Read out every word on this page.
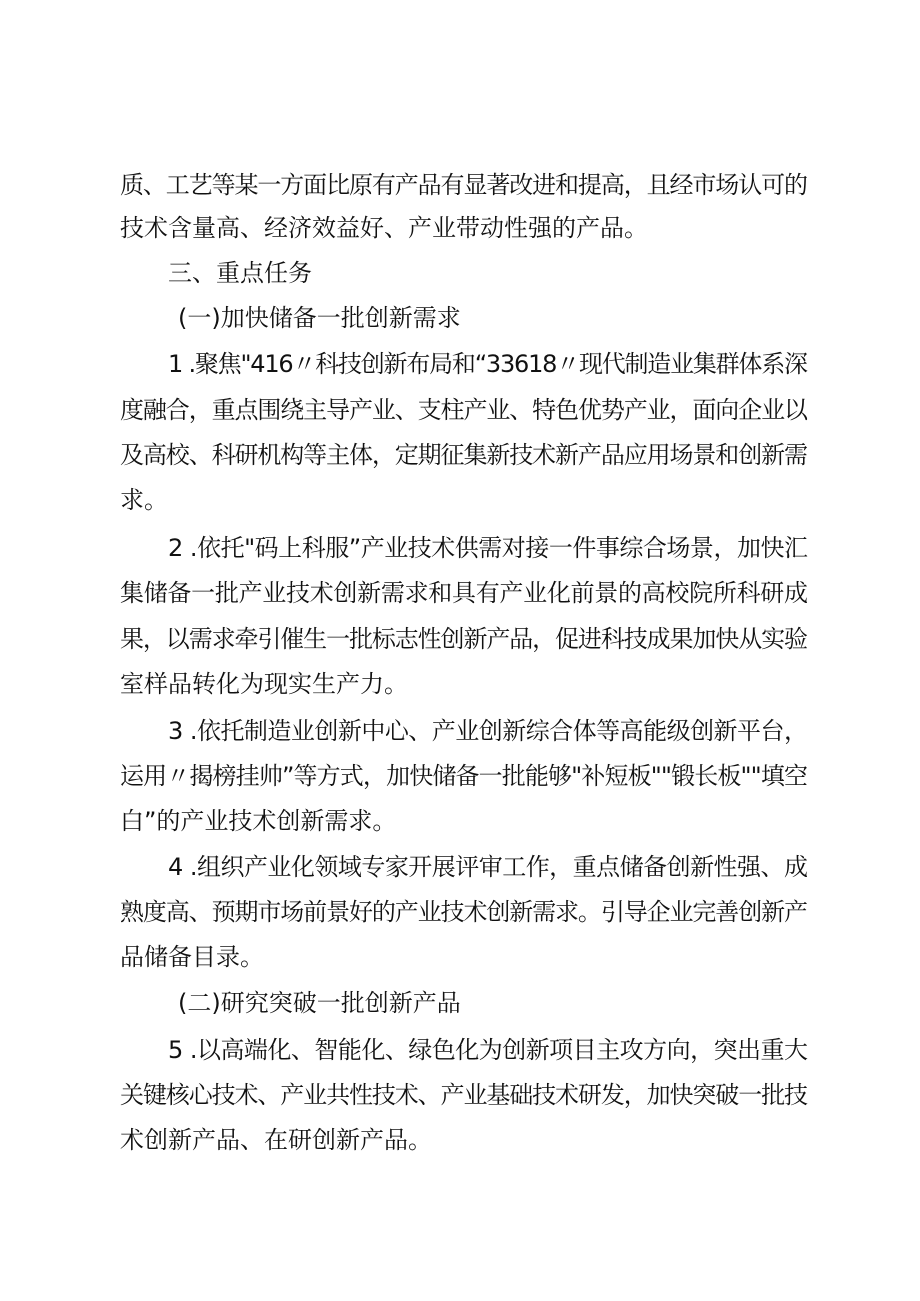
质、工艺等某一方面比原有产品有显著改进和提高，且经市场认可的
技术含量高、经济效益好、产业带动性强的产品。
三、重点任务
(一)加快储备一批创新需求
1 .聚焦"416〃科技创新布局和“33618〃现代制造业集群体系深
度融合，重点围绕主导产业、支柱产业、特色优势产业，面向企业以
及高校、科研机构等主体，定期征集新技术新产品应用场景和创新需
求。
2 .依托"码上科服”产业技术供需对接一件事综合场景，加快汇
集储备一批产业技术创新需求和具有产业化前景的高校院所科研成
果，以需求牵引催生一批标志性创新产品，促进科技成果加快从实验
室样品转化为现实生产力。
3 .依托制造业创新中心、产业创新综合体等高能级创新平台，
运用〃揭榜挂帅”等方式，加快储备一批能够"补短板""锻长板""填空
白”的产业技术创新需求。
4 .组织产业化领域专家开展评审工作，重点储备创新性强、成
熟度高、预期市场前景好的产业技术创新需求。引导企业完善创新产
品储备目录。
(二)研究突破一批创新产品
5 .以高端化、智能化、绿色化为创新项目主攻方向，突出重大
关键核心技术、产业共性技术、产业基础技术研发，加快突破一批技
术创新产品、在研创新产品。
